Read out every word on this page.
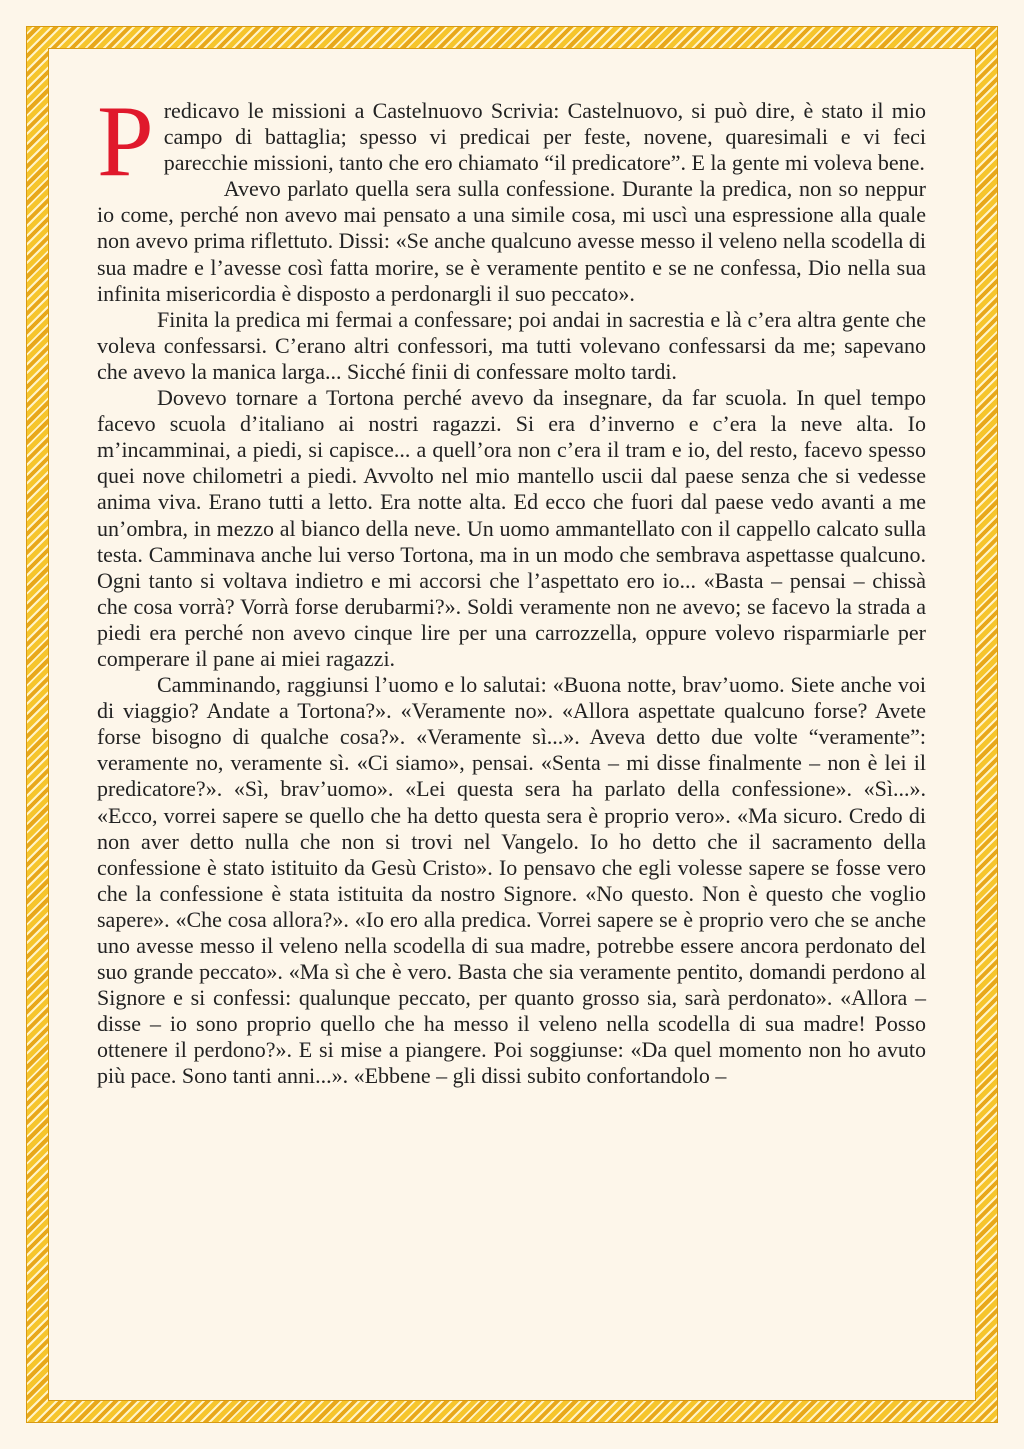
Predicavo le missioni a Castelnuovo Scrivia: Castelnuovo, si può dire, è stato il mio campo di battaglia; spesso vi predicai per feste, novene, quaresimali e vi feci parecchie missioni, tanto che ero chiamato “il predicatore”. E la gente mi voleva bene.

Avevo parlato quella sera sulla confessione. Durante la predica, non so neppur io come, perché non avevo mai pensato a una simile cosa, mi uscì una espressione alla quale non avevo prima riflettuto. Dissi: «Se anche qualcuno avesse messo il veleno nella scodella di sua madre e l’avesse così fatta morire, se è veramente pentito e se ne confessa, Dio nella sua infinita misericordia è disposto a perdonargli il suo peccato».

Finita la predica mi fermai a confessare; poi andai in sacrestia e là c’era altra gente che voleva confessarsi. C’erano altri confessori, ma tutti volevano confessarsi da me; sapevano che avevo la manica larga... Sicché finii di confessare molto tardi.

Dovevo tornare a Tortona perché avevo da insegnare, da far scuola. In quel tempo facevo scuola d’italiano ai nostri ragazzi. Si era d’inverno e c’era la neve alta. Io m’incamminai, a piedi, si capisce... a quell’ora non c’era il tram e io, del resto, facevo spesso quei nove chilometri a piedi. Avvolto nel mio mantello uscii dal paese senza che si vedesse anima viva. Erano tutti a letto. Era notte alta. Ed ecco che fuori dal paese vedo avanti a me un’ombra, in mezzo al bianco della neve. Un uomo ammantellato con il cappello calcato sulla testa. Camminava anche lui verso Tortona, ma in un modo che sembrava aspettasse qualcuno. Ogni tanto si voltava indietro e mi accorsi che l’aspettato ero io... «Basta – pensai – chissà che cosa vorrà? Vorrà forse derubarmi?». Soldi veramente non ne avevo; se facevo la strada a piedi era perché non avevo cinque lire per una carrozzella, oppure volevo risparmiarle per comperare il pane ai miei ragazzi.

Camminando, raggiunsi l’uomo e lo salutai: «Buona notte, brav’uomo. Siete anche voi di viaggio? Andate a Tortona?». «Veramente no». «Allora aspettate qualcuno forse? Avete forse bisogno di qualche cosa?». «Veramente sì...». Aveva detto due volte “veramente”: veramente no, veramente sì. «Ci siamo», pensai. «Senta – mi disse finalmente – non è lei il predicatore?». «Sì, brav’uomo». «Lei questa sera ha parlato della confessione». «Sì...». «Ecco, vorrei sapere se quello che ha detto questa sera è proprio vero». «Ma sicuro. Credo di non aver detto nulla che non si trovi nel Vangelo. Io ho detto che il sacramento della confessione è stato istituito da Gesù Cristo». Io pensavo che egli volesse sapere se fosse vero che la confessione è stata istituita da nostro Signore. «No questo. Non è questo che voglio sapere». «Che cosa allora?». «Io ero alla predica. Vorrei sapere se è proprio vero che se anche uno avesse messo il veleno nella scodella di sua madre, potrebbe essere ancora perdonato del suo grande peccato». «Ma sì che è vero. Basta che sia veramente pentito, domandi perdono al Signore e si confessi: qualunque peccato, per quanto grosso sia, sarà perdonato». «Allora – disse – io sono proprio quello che ha messo il veleno nella scodella di sua madre! Posso ottenere il perdono?». E si mise a piangere. Poi soggiunse: «Da quel momento non ho avuto più pace. Sono tanti anni...». «Ebbene – gli dissi subito confortandolo –
